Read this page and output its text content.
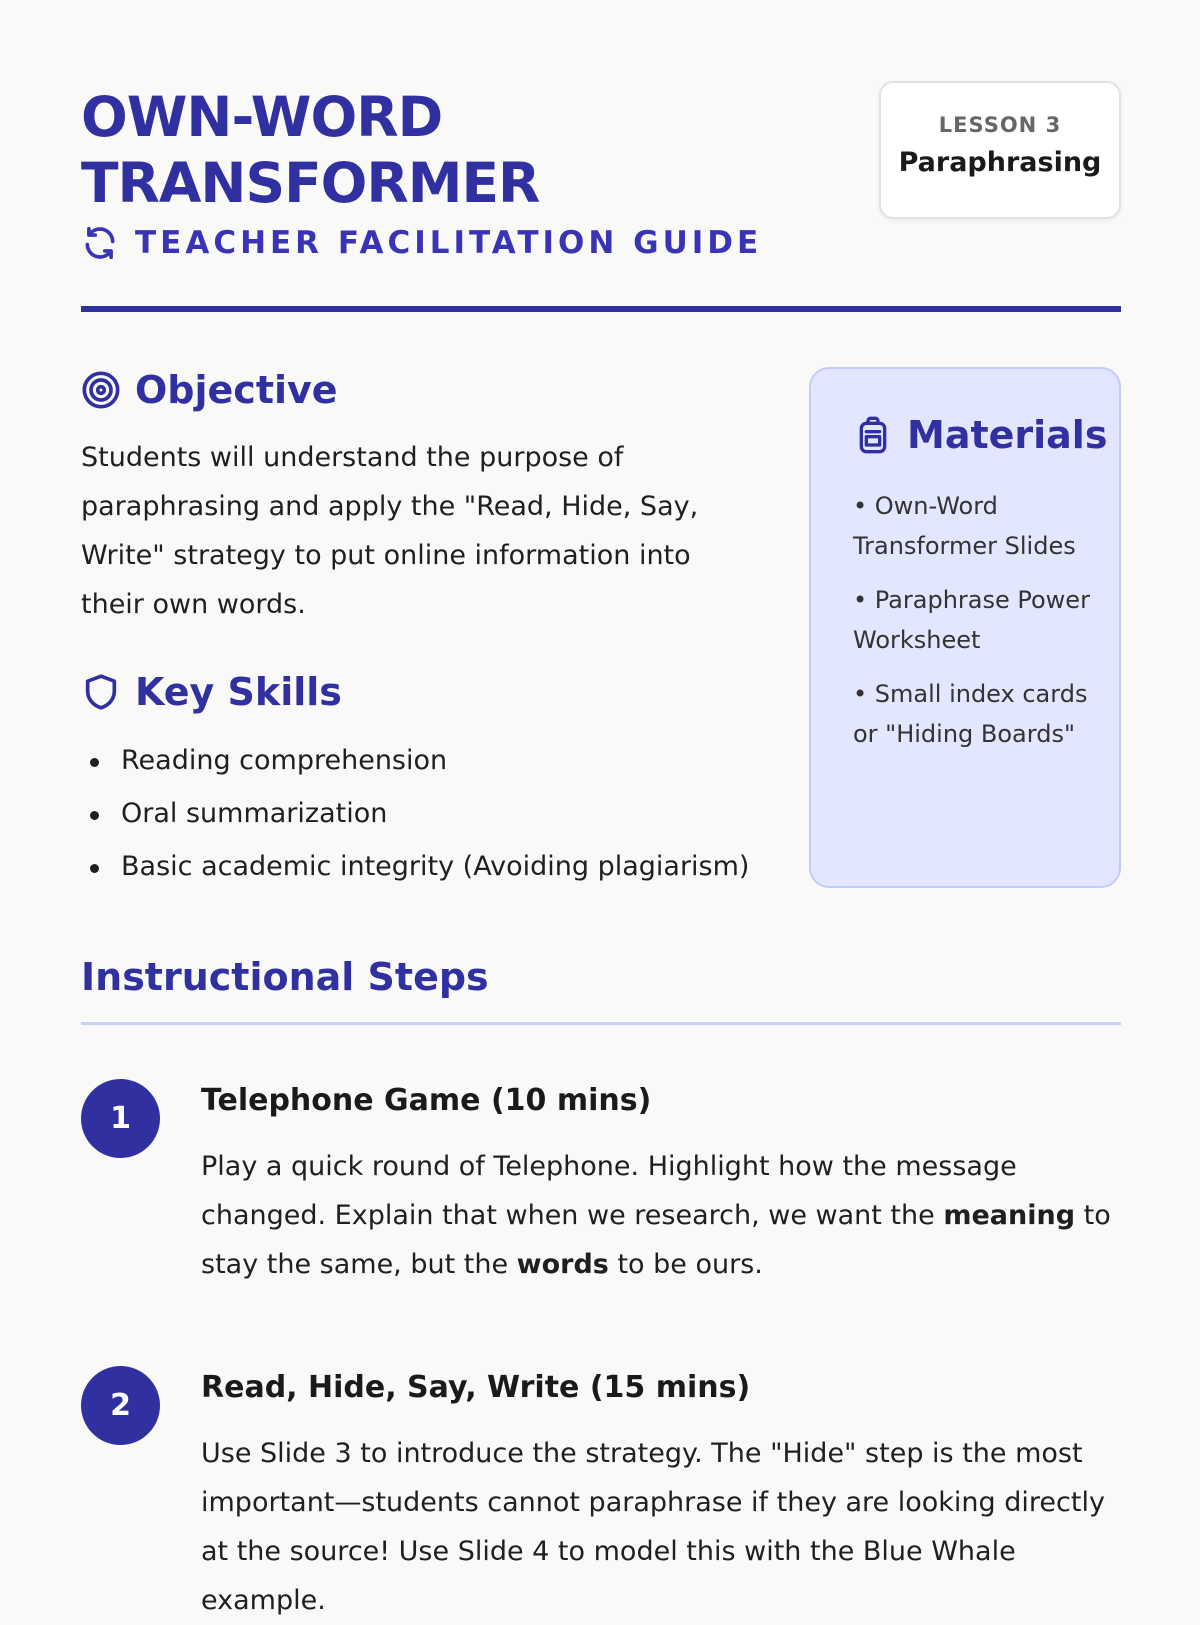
OWN-WORD
TRANSFORMER
TEACHER FACILITATION GUIDE
LESSON 3
Paraphrasing
Objective

Students will understand the purpose of paraphrasing and apply the "Read, Hide, Say, Write" strategy to put online information into their own words.

Key Skills
Reading comprehension
Oral summarization
Basic academic integrity (Avoiding plagiarism)
Materials
• Own-Word Transformer Slides
• Paraphrase Power Worksheet
• Small index cards or "Hiding Boards"
Instructional Steps
1
Telephone Game (10 mins)

Play a quick round of Telephone. Highlight how the message changed. Explain that when we research, we want the meaning to stay the same, but the words to be ours.

2
Read, Hide, Say, Write (15 mins)

Use Slide 3 to introduce the strategy. The "Hide" step is the most important—students cannot paraphrase if they are looking directly at the source! Use Slide 4 to model this with the Blue Whale example.
